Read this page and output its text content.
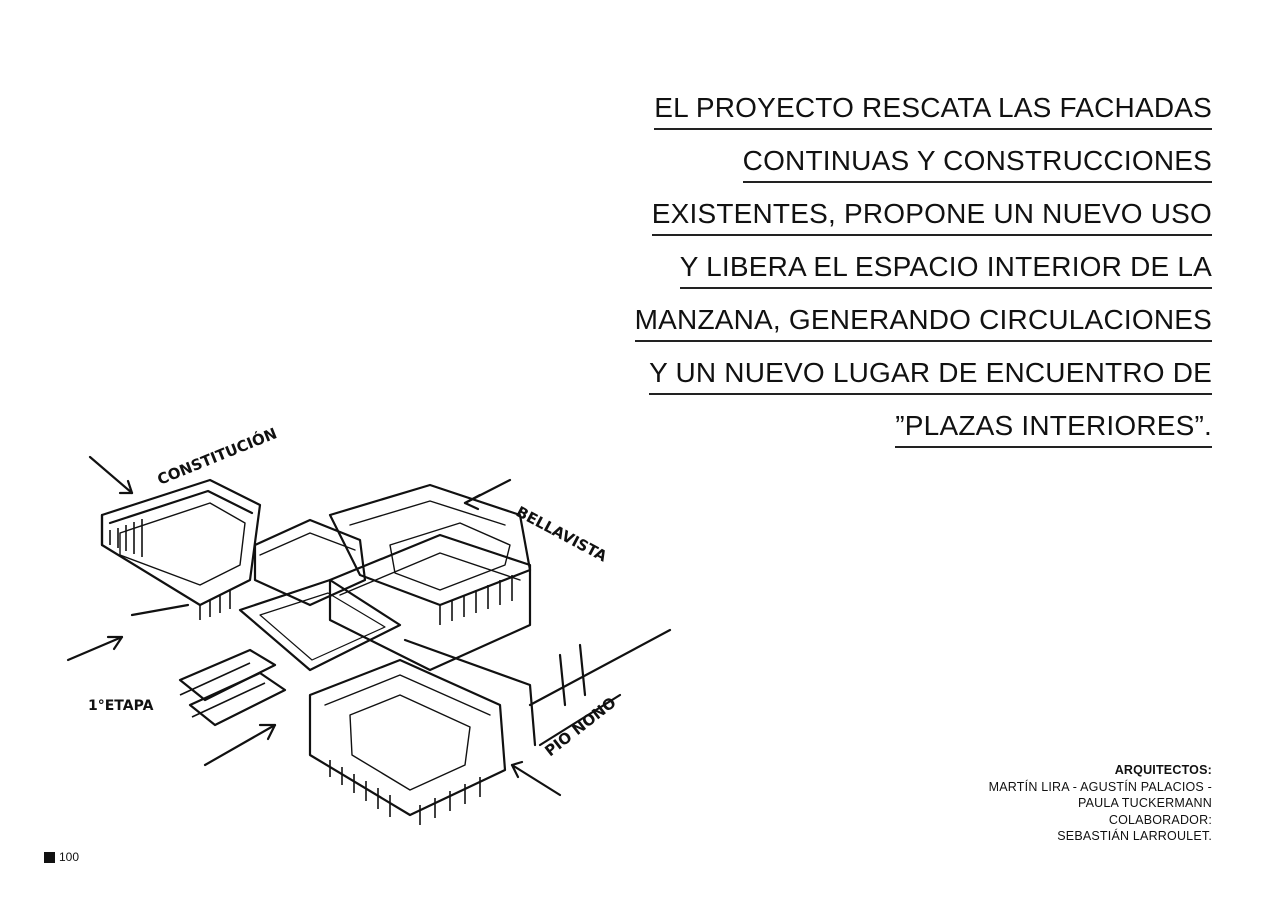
EL PROYECTO RESCATA LAS FACHADAS
CONTINUAS Y CONSTRUCCIONES
EXISTENTES, PROPONE UN NUEVO USO
Y LIBERA EL ESPACIO INTERIOR DE LA
MANZANA, GENERANDO CIRCULACIONES
Y UN NUEVO LUGAR DE ENCUENTRO DE
”PLAZAS INTERIORES”.
CONSTITUCIÓN
BELLAVISTA
PIO NONO
1°ETAPA
ARQUITECTOS:
MARTÍN LIRA - AGUSTÍN PALACIOS -
PAULA TUCKERMANN
COLABORADOR:
SEBASTIÁN LARROULET.
100
